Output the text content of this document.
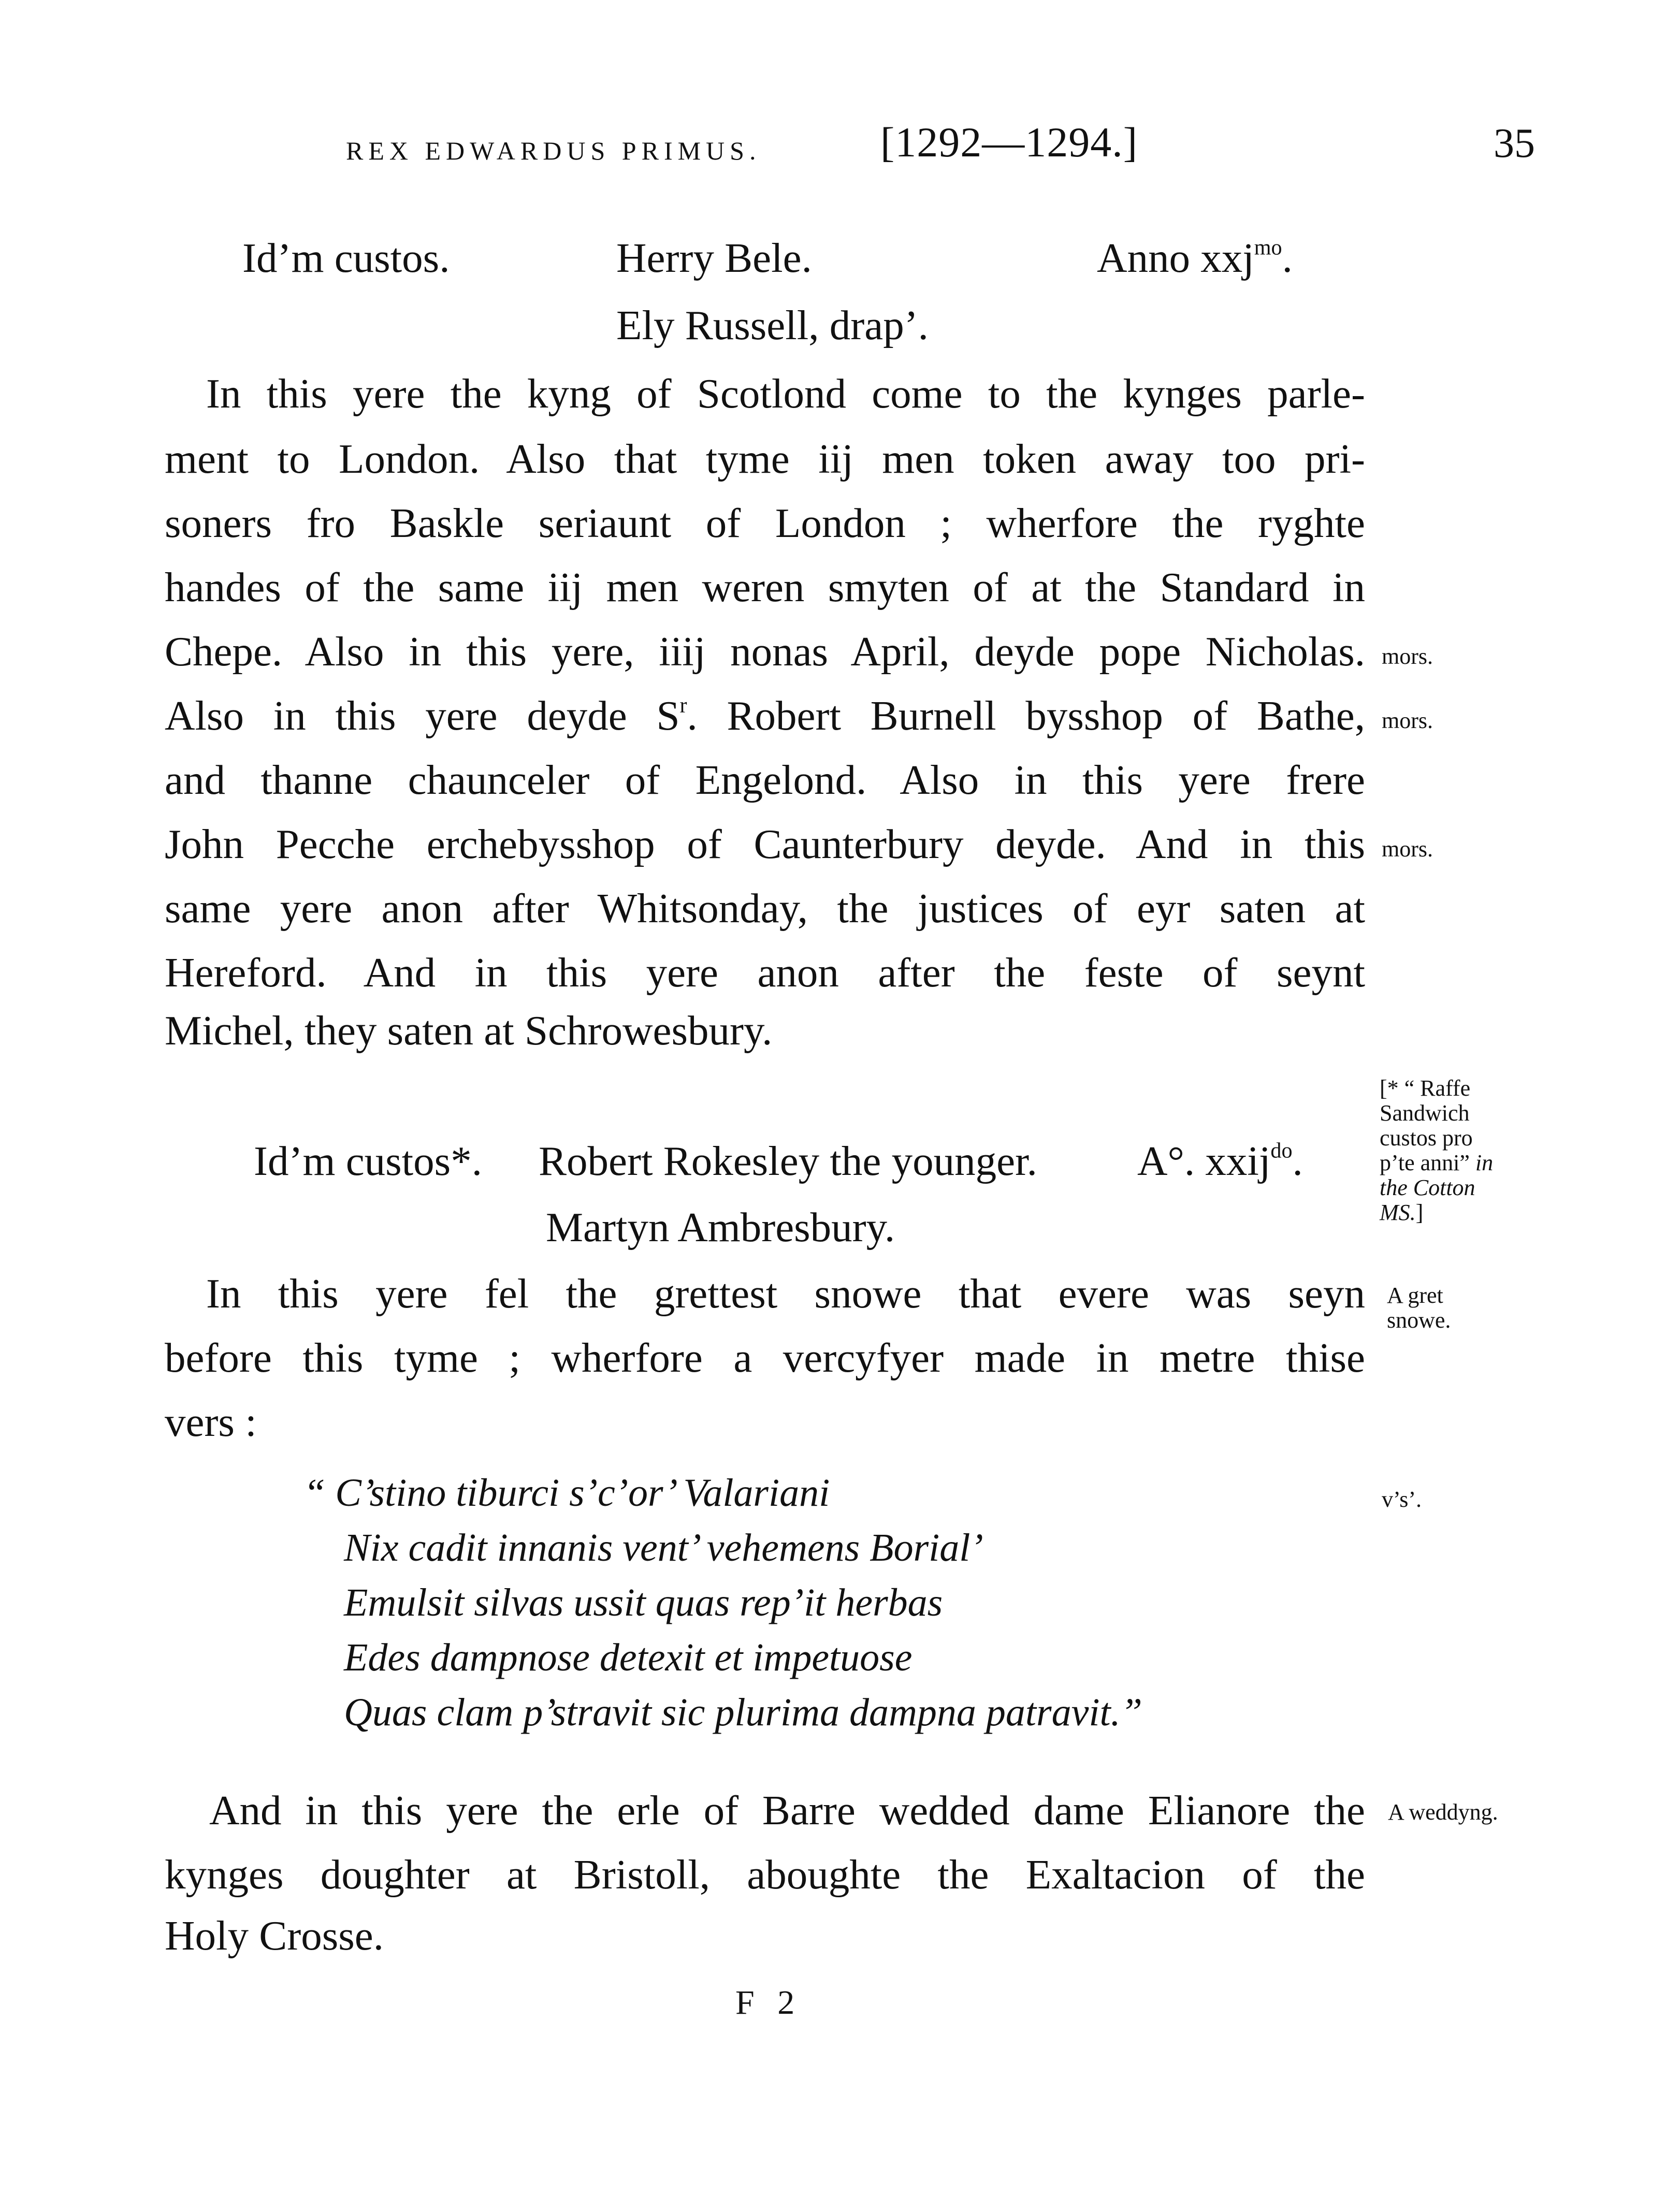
REX EDWARDUS PRIMUS.	[1292—1294.]	35
Id’m custos.	Herry Bele.	Anno xxj$^{mo}$.
Ely Russell, drap’.
In this yere the kyng of Scotlond come to the kynges parle-
ment to London. Also that tyme iij men token away too pri-
soners fro Baskle seriaunt of London ; wherfore the ryghte
handes of the same iij men weren smyten of at the Standard in
Chepe. Also in this yere, iiij nonas April, deyde pope Nicholas.
Also in this yere deyde $S^r$. Robert Burnell bysshop of Bathe,
and thanne chaunceler of Engelond. Also in this yere frere
John Pecche erchebysshop of Caunterbury deyde. And in this
same yere anon after Whitsonday, the justices of eyr saten at
Hereford. And in this yere anon after the feste of seynt
Michel, they saten at Schrowesbury.
mors.
mors.
mors.
[* “ Raffe
Sandwich
custos pro
p’te anni” in
the Cotton
MS.]
Id’m custos*. Robert Rokesley the younger. A°. xxij$^{do}$.
Martyn Ambresbury.
In this yere fel the grettest snowe that evere was seyn
before this tyme ; wherfore a vercyfyer made in metre thise
vers :
A gret
snowe.
“ C’stino tiburci s’c’or’ Valariani
Nix cadit innanis vent’ vehemens Borial’
Emulsit silvas ussit quas rep’it herbas
Edes dampnose detexit et impetuose
Quas clam p’stravit sic plurima dampna patravit.”
v’s’.
And in this yere the erle of Barre wedded dame Elianore the
kynges doughter at Bristoll, aboughte the Exaltacion of the
Holy Crosse.
A weddyng.
F 2
